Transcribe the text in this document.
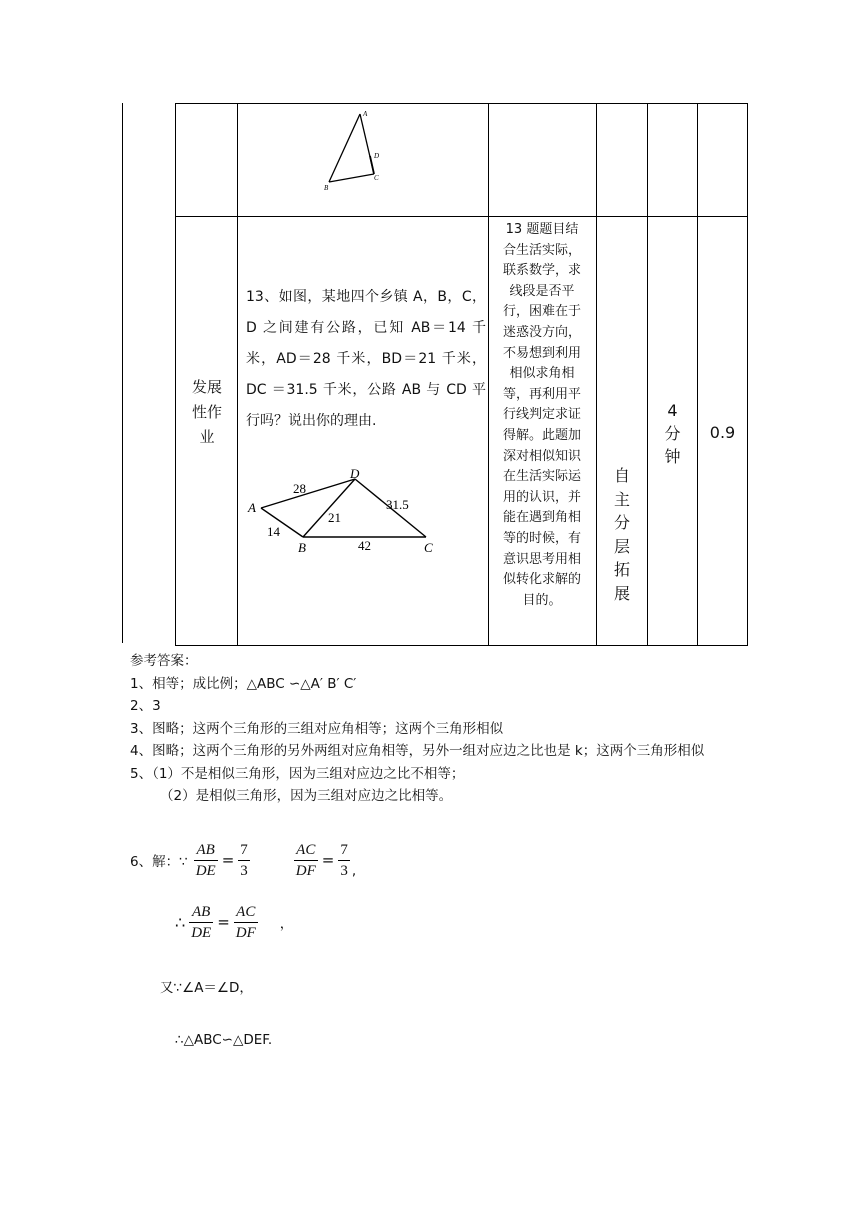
A
D
B
C
发展
性作
业
13、如图，某地四个乡镇 A，B，C，D 之间建有公路，已知 AB＝14 千米，AD＝28 千米，BD＝21 千米，DC ＝31.5 千米，公路 AB 与 CD 平行吗？说出你的理由.
A
D
B	C
28
31.5
21
14
42
13 题题目结
合生活实际，
联系数学，求
线段是否平
行，困难在于
迷惑没方向，
不易想到利用
相似求角相
等，再利用平
行线判定求证
得解。此题加
深对相似知识
在生活实际运
用的认识，并
能在遇到角相
等的时候，有
意识思考用相
似转化求解的
目的。
自
主
分
层
拓
展
4
分
钟
0.9

参考答案：

1、相等；成比例；△ABC ∽△A′ B′ C′

2、3

3、图略；这两个三角形的三组对应角相等；这两个三角形相似

4、图略；这两个三角形的另外两组对应角相等，另外一组对应边之比也是 k；这两个三角形相似

5、（1）不是相似三角形，因为三组对应边之比不相等；

（2）是相似三角形，因为三组对应边之比相等。

6、解：∵ $\frac{AB}{DE} = \frac{7}{3}$	$\frac{AC}{DF} = \frac{7}{3}$ ,
∴ $\frac{AB}{DE} = \frac{AC}{DF}$ ，
又∵∠A＝∠D，
∴△ABC∽△DEF.
